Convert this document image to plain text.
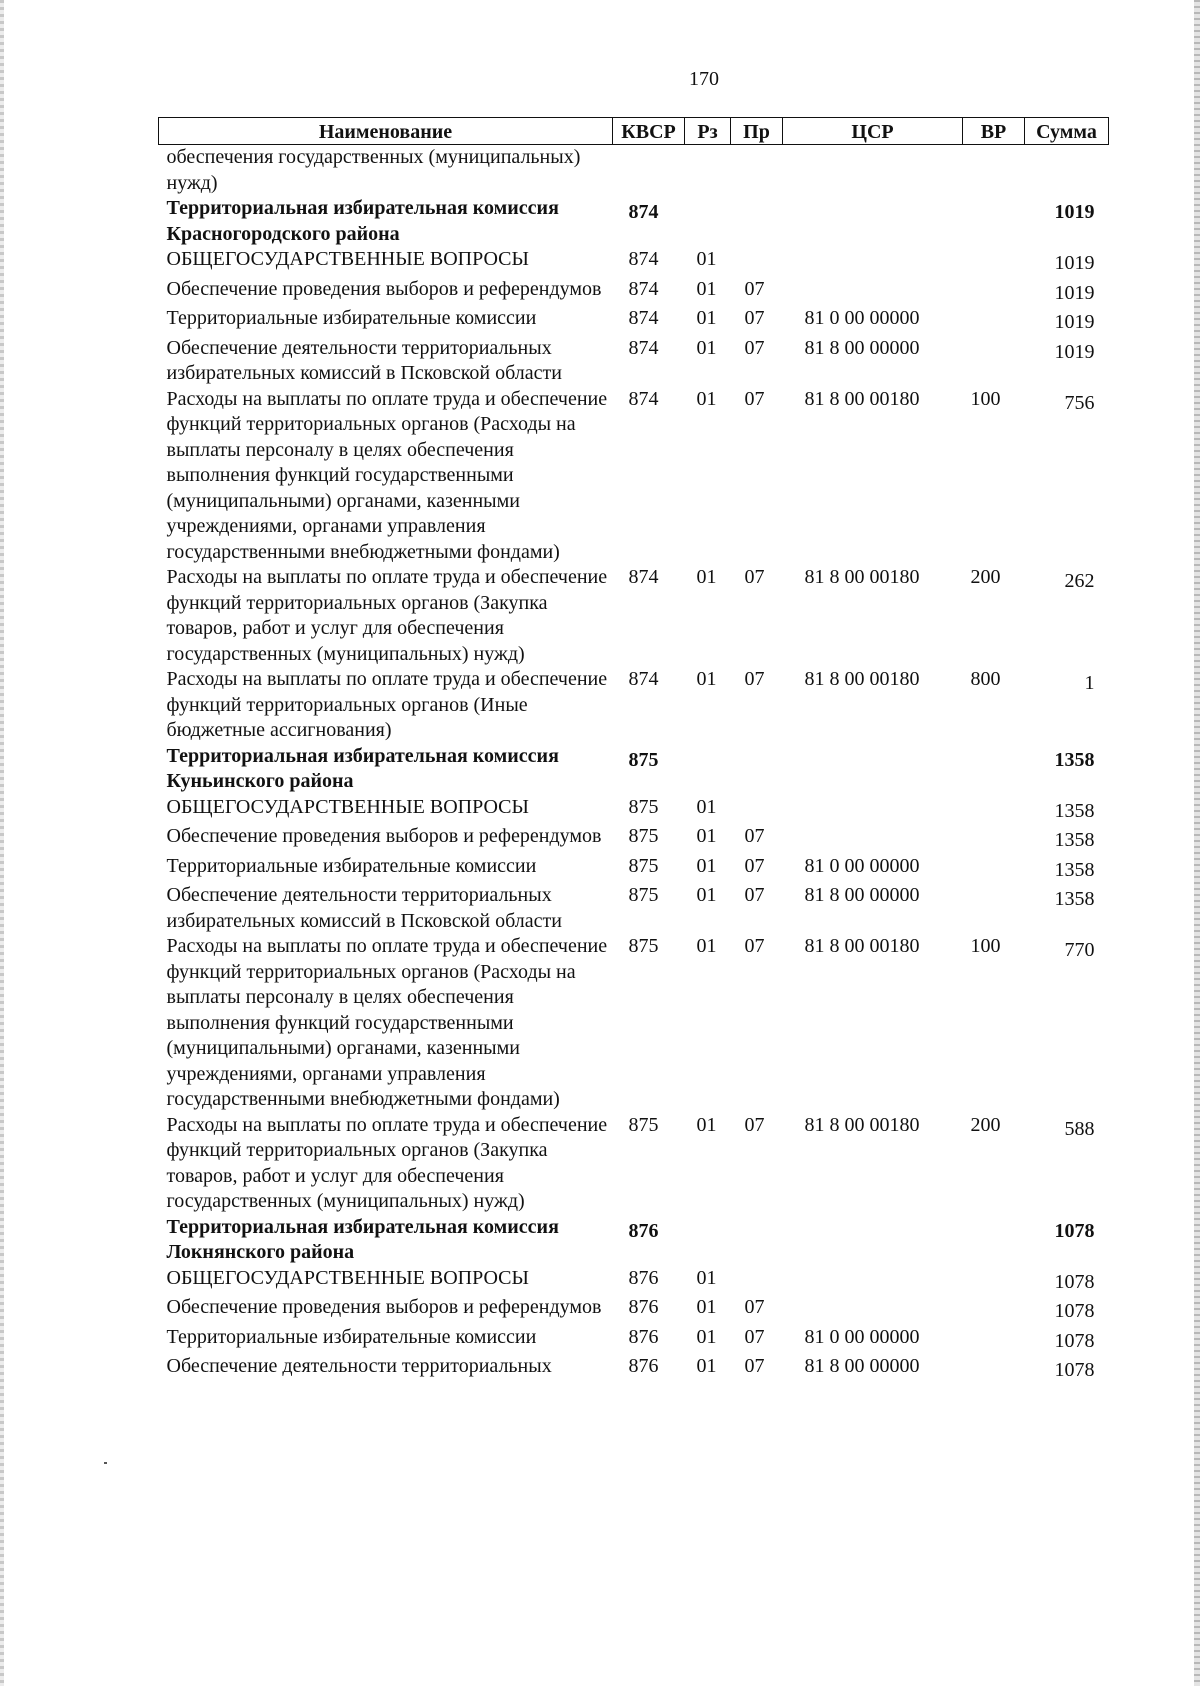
170
Наименование	КВСР	Рз	Пр	ЦСР	ВР	Сумма
обеспечения государственных (муниципальных) нужд)						
Территориальная избирательная комиссия Красногородского района	874					1019
ОБЩЕГОСУДАРСТВЕННЫЕ ВОПРОСЫ	874	01				1019
Обеспечение проведения выборов и референдумов	874	01	07			1019
Территориальные избирательные комиссии	874	01	07	81 0 00 00000		1019
Обеспечение деятельности территориальных избирательных комиссий в Псковской области	874	01	07	81 8 00 00000		1019
Расходы на выплаты по оплате труда и обеспечение функций территориальных органов (Расходы на выплаты персоналу в целях обеспечения выполнения функций государственными (муниципальными) органами, казенными учреждениями, органами управления государственными внебюджетными фондами)	874	01	07	81 8 00 00180	100	756
Расходы на выплаты по оплате труда и обеспечение функций территориальных органов (Закупка товаров, работ и услуг для обеспечения государственных (муниципальных) нужд)	874	01	07	81 8 00 00180	200	262
Расходы на выплаты по оплате труда и обеспечение функций территориальных органов (Иные бюджетные ассигнования)	874	01	07	81 8 00 00180	800	1
Территориальная избирательная комиссия Куньинского района	875					1358
ОБЩЕГОСУДАРСТВЕННЫЕ ВОПРОСЫ	875	01				1358
Обеспечение проведения выборов и референдумов	875	01	07			1358
Территориальные избирательные комиссии	875	01	07	81 0 00 00000		1358
Обеспечение деятельности территориальных избирательных комиссий в Псковской области	875	01	07	81 8 00 00000		1358
Расходы на выплаты по оплате труда и обеспечение функций территориальных органов (Расходы на выплаты персоналу в целях обеспечения выполнения функций государственными (муниципальными) органами, казенными учреждениями, органами управления государственными внебюджетными фондами)	875	01	07	81 8 00 00180	100	770
Расходы на выплаты по оплате труда и обеспечение функций территориальных органов (Закупка товаров, работ и услуг для обеспечения государственных (муниципальных) нужд)	875	01	07	81 8 00 00180	200	588
Территориальная избирательная комиссия Локнянского района	876					1078
ОБЩЕГОСУДАРСТВЕННЫЕ ВОПРОСЫ	876	01				1078
Обеспечение проведения выборов и референдумов	876	01	07			1078
Территориальные избирательные комиссии	876	01	07	81 0 00 00000		1078
Обеспечение деятельности территориальных	876	01	07	81 8 00 00000		1078
